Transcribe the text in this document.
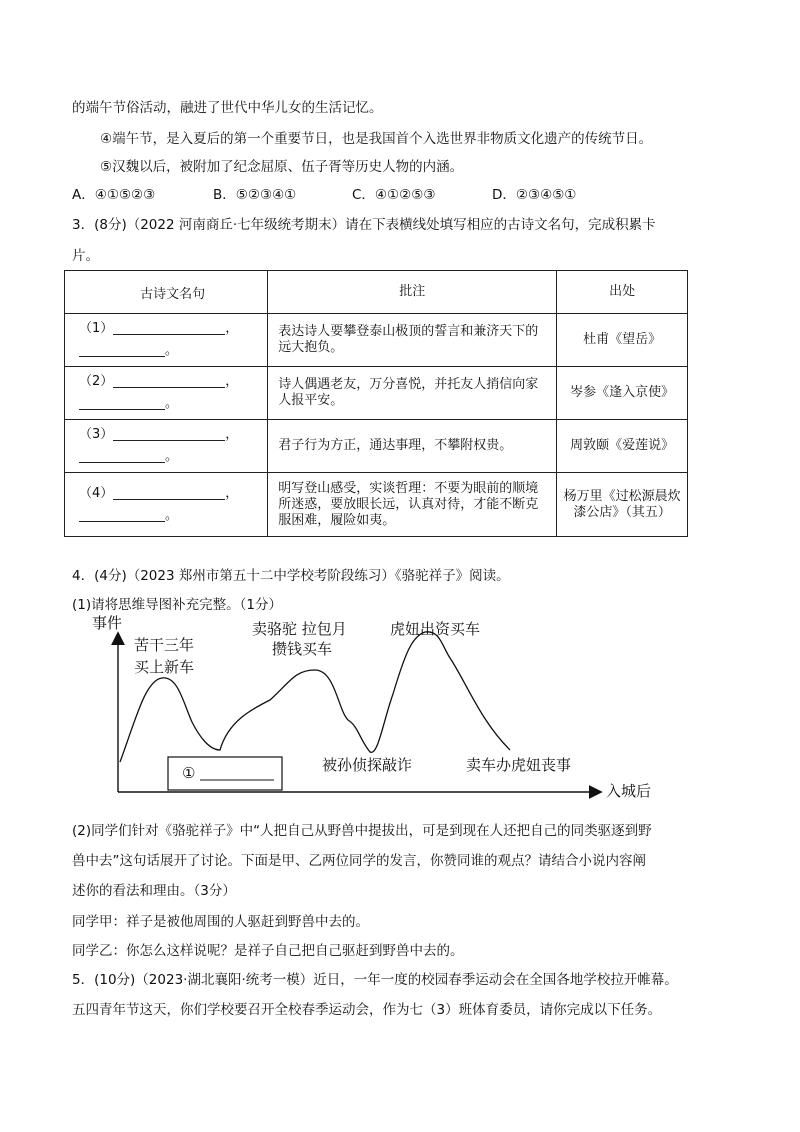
的端午节俗活动，融进了世代中华儿女的生活记忆。
④端午节，是入夏后的第一个重要节日，也是我国首个入选世界非物质文化遗产的传统节日。
⑤汉魏以后，被附加了纪念屈原、伍子胥等历史人物的内涵。
A．④①⑤②③	B．⑤②③④①	C．④①②⑤③	D．②③④⑤①
3．(8分)（2022 河南商丘·七年级统考期末）请在下表横线处填写相应的古诗文名句，完成积累卡
片。
古诗文名句	批注	出处

（1） ，
。	表达诗人要攀登泰山极顶的誓言和兼济天下的远大抱负。	杜甫《望岳》

（2） ，
。	诗人偶遇老友，万分喜悦，并托友人捎信向家人报平安。	岑参《逢入京使》

（3） ，
。	君子行为方正，通达事理，不攀附权贵。	周敦颐《爱莲说》

（4） ，
。	明写登山感受，实谈哲理：不要为眼前的顺境所迷惑，要放眼长远，认真对待，才能不断克服困难，履险如夷。	杨万里《过松源晨炊漆公店》（其五）
4．(4分)（2023 郑州市第五十二中学校考阶段练习）《骆驼祥子》阅读。
(1)请将思维导图补充完整。（1分）
事件
入城后
苦干三年
买上新车
卖骆驼 拉包月
攒钱买车
虎妞出资买车
被孙侦探敲诈	卖车办虎妞丧事
①
(2)同学们针对《骆驼祥子》中“人把自己从野兽中提拔出，可是到现在人还把自己的同类驱逐到野
兽中去”这句话展开了讨论。下面是甲、乙两位同学的发言，你赞同谁的观点？请结合小说内容阐
述你的看法和理由。（3分）
同学甲：祥子是被他周围的人驱赶到野兽中去的。
同学乙：你怎么这样说呢？是祥子自己把自己驱赶到野兽中去的。
5．(10分)（2023·湖北襄阳·统考一模）近日，一年一度的校园春季运动会在全国各地学校拉开帷幕。
五四青年节这天，你们学校要召开全校春季运动会，作为七（3）班体育委员，请你完成以下任务。
